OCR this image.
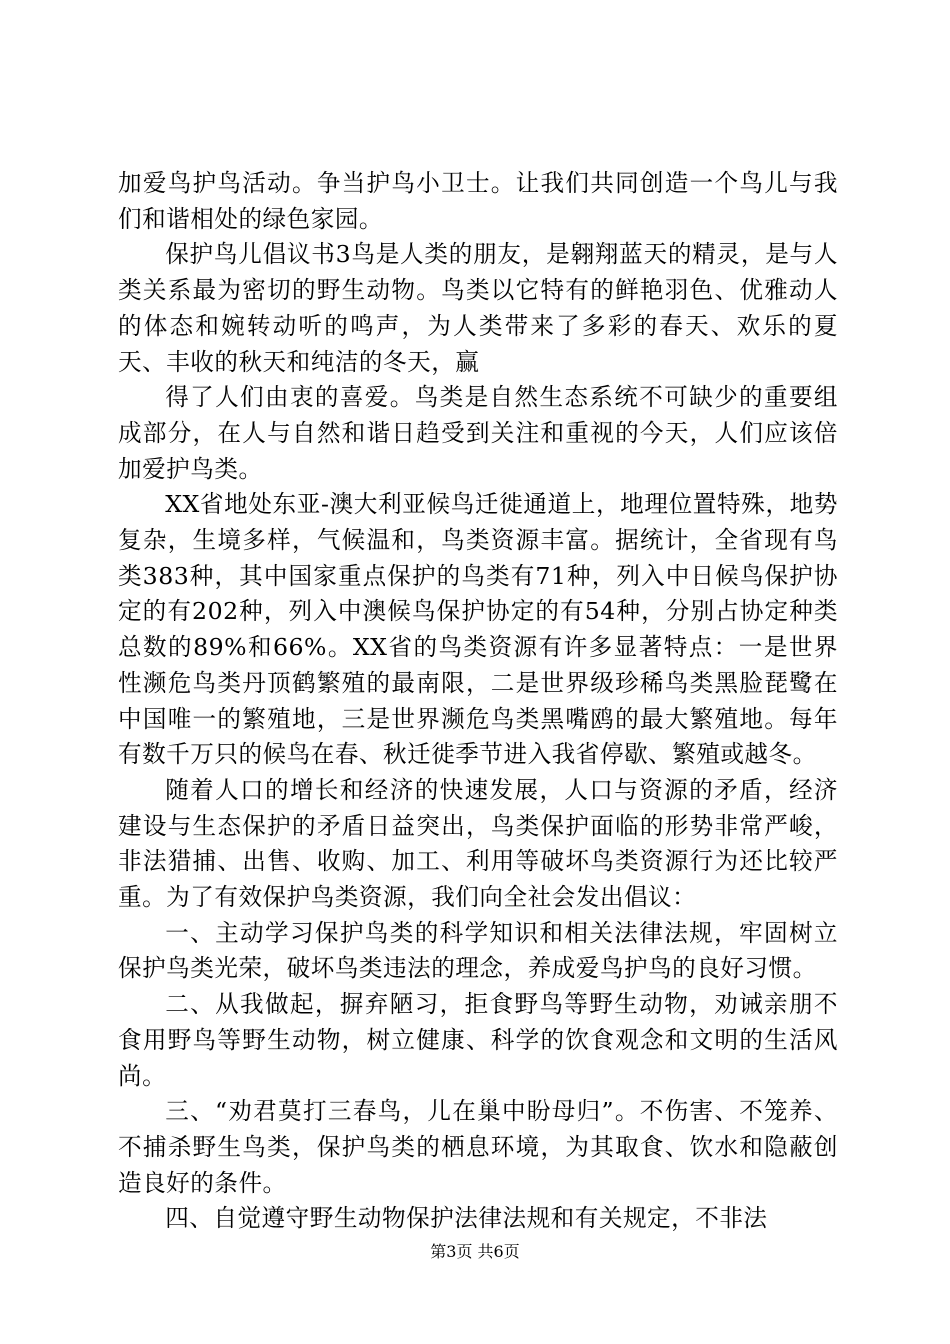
加爱鸟护鸟活动。争当护鸟小卫士。让我们共同创造一个鸟儿与我们和谐相处的绿色家园。

保护鸟儿倡议书3鸟是人类的朋友，是翱翔蓝天的精灵，是与人类关系最为密切的野生动物。鸟类以它特有的鲜艳羽色、优雅动人的体态和婉转动听的鸣声，为人类带来了多彩的春天、欢乐的夏天、丰收的秋天和纯洁的冬天，赢

得了人们由衷的喜爱。鸟类是自然生态系统不可缺少的重要组成部分，在人与自然和谐日趋受到关注和重视的今天，人们应该倍加爱护鸟类。

XX省地处东亚-澳大利亚候鸟迁徙通道上，地理位置特殊，地势复杂，生境多样，气候温和，鸟类资源丰富。据统计，全省现有鸟类383种，其中国家重点保护的鸟类有71种，列入中日候鸟保护协定的有202种，列入中澳候鸟保护协定的有54种，分别占协定种类总数的89%和66%。XX省的鸟类资源有许多显著特点：一是世界性濒危鸟类丹顶鹤繁殖的最南限，二是世界级珍稀鸟类黑脸琵鹭在中国唯一的繁殖地，三是世界濒危鸟类黑嘴鸥的最大繁殖地。每年有数千万只的候鸟在春、秋迁徙季节进入我省停歇、繁殖或越冬。

随着人口的增长和经济的快速发展，人口与资源的矛盾，经济建设与生态保护的矛盾日益突出，鸟类保护面临的形势非常严峻，非法猎捕、出售、收购、加工、利用等破坏鸟类资源行为还比较严重。为了有效保护鸟类资源，我们向全社会发出倡议：

一、主动学习保护鸟类的科学知识和相关法律法规，牢固树立保护鸟类光荣，破坏鸟类违法的理念，养成爱鸟护鸟的良好习惯。

二、从我做起，摒弃陋习，拒食野鸟等野生动物，劝诫亲朋不食用野鸟等野生动物，树立健康、科学的饮食观念和文明的生活风尚。

三、“劝君莫打三春鸟，儿在巢中盼母归”。不伤害、不笼养、不捕杀野生鸟类，保护鸟类的栖息环境，为其取食、饮水和隐蔽创造良好的条件。

四、自觉遵守野生动物保护法律法规和有关规定，不非法

第3页 共6页
